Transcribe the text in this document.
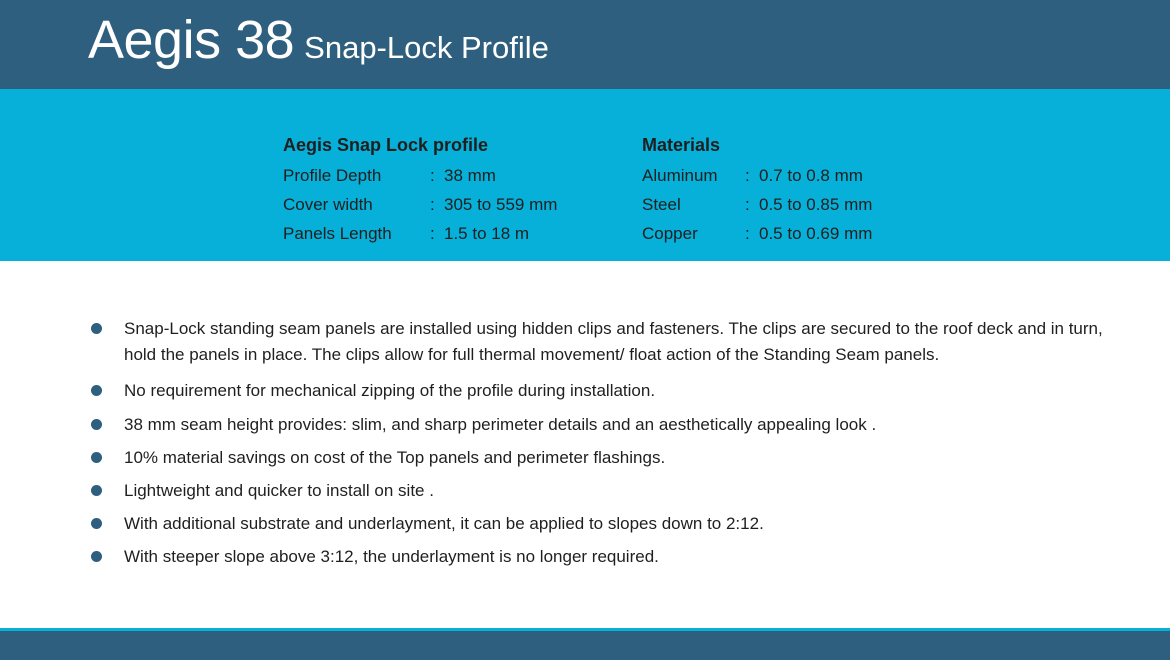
Aegis 38 Snap-Lock Profile
Aegis Snap Lock profile
Profile Depth	: 38 mm
Cover width	: 305 to 559 mm
Panels Length : 1.5 to 18 m
Materials
Aluminum : 0.7 to 0.8 mm
Steel	: 0.5 to 0.85 mm
Copper	: 0.5 to 0.69 mm
Snap-Lock standing seam panels are installed using hidden clips and fasteners. The clips are secured to the roof deck and in turn, hold the panels in place. The clips allow for full thermal movement/ float action of the Standing Seam panels.
No requirement for mechanical zipping of the profile during installation.
38 mm seam height provides: slim, and sharp perimeter details and an aesthetically appealing look .
10% material savings on cost of the Top panels and perimeter flashings.
Lightweight and quicker to install on site .
With additional substrate and underlayment, it can be applied to slopes down to 2:12.
With steeper slope above 3:12, the underlayment is no longer required.
